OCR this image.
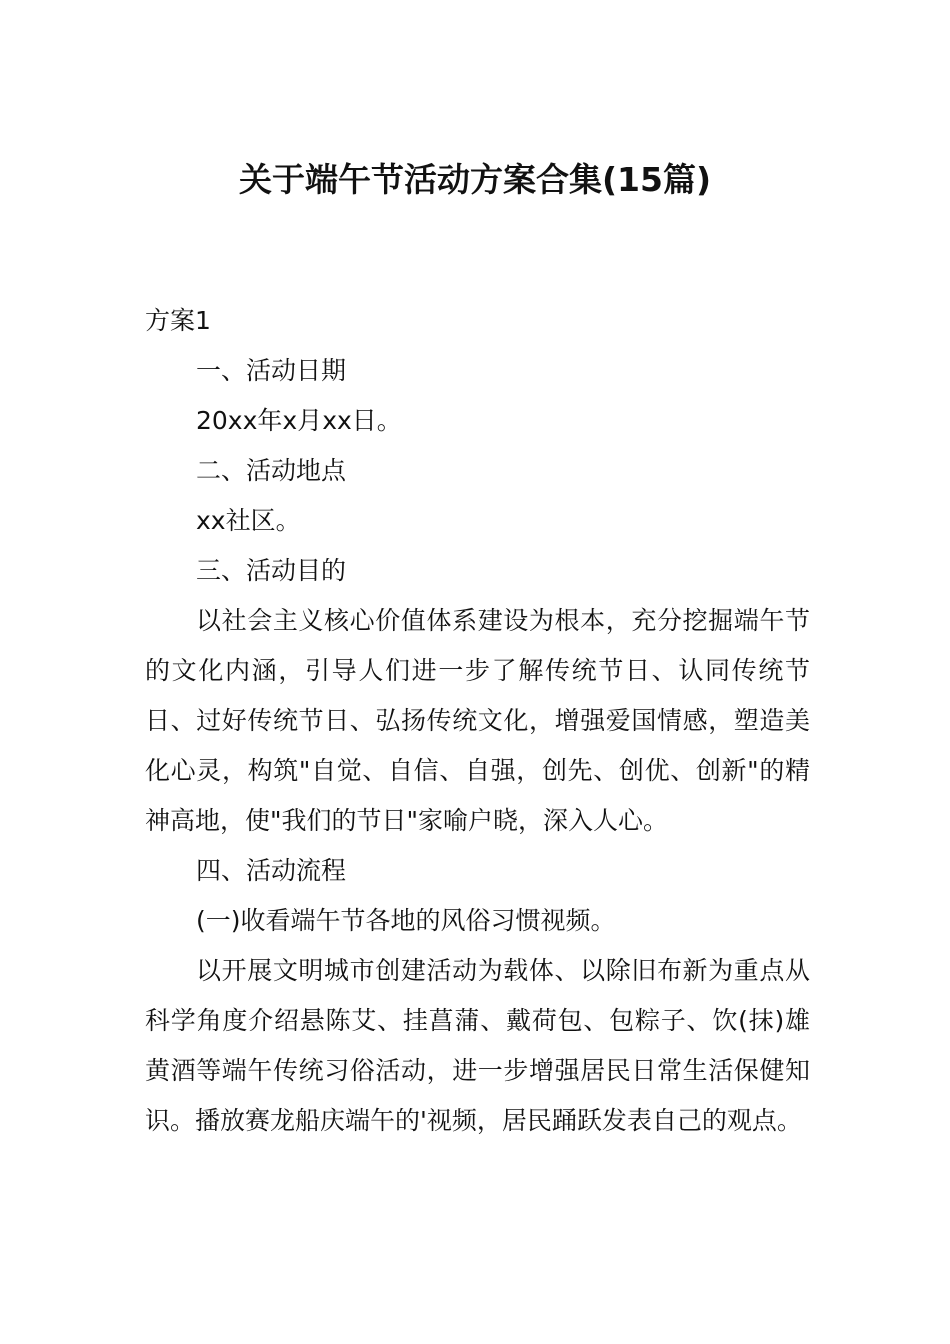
关于端午节活动方案合集(15篇)

方案1

一、活动日期

20xx年x月xx日。

二、活动地点

xx社区。

三、活动目的

以社会主义核心价值体系建设为根本，充分挖掘端午节的文化内涵，引导人们进一步了解传统节日、认同传统节日、过好传统节日、弘扬传统文化，增强爱国情感，塑造美化心灵，构筑"自觉、自信、自强，创先、创优、创新"的精神高地，使"我们的节日"家喻户晓，深入人心。

四、活动流程

(一)收看端午节各地的风俗习惯视频。

以开展文明城市创建活动为载体、以除旧布新为重点从科学角度介绍悬陈艾、挂菖蒲、戴荷包、包粽子、饮(抹)雄黄酒等端午传统习俗活动，进一步增强居民日常生活保健知识。播放赛龙船庆端午的'视频，居民踊跃发表自己的观点。
